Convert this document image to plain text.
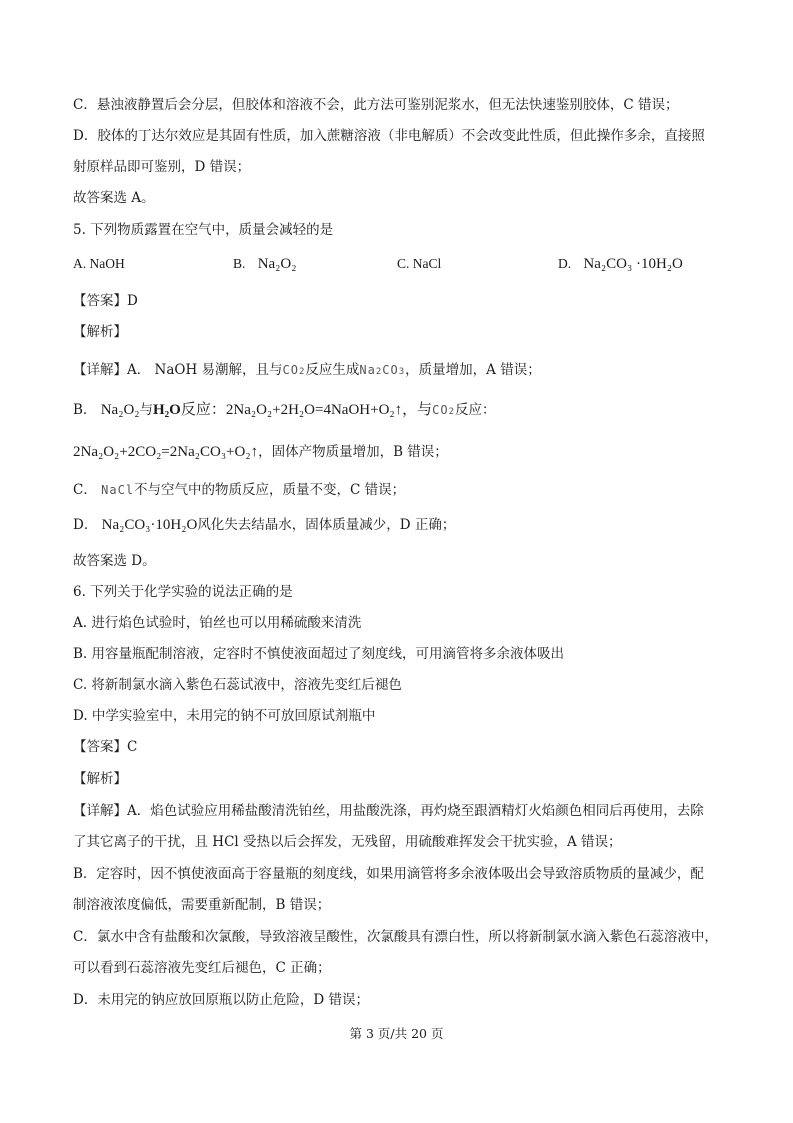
C．悬浊液静置后会分层，但胶体和溶液不会，此方法可鉴别泥浆水，但无法快速鉴别胶体，C 错误；
D．胶体的丁达尔效应是其固有性质，加入蔗糖溶液（非电解质）不会改变此性质，但此操作多余，直接照
射原样品即可鉴别，D 错误；
故答案选 A。
5. 下列物质露置在空气中，质量会减轻的是
A. NaOH	B. Na₂O₂	C. NaCl	D. Na₂CO₃ ·10H₂O
【答案】D
【解析】
【详解】A． NaOH 易潮解，且与CO2反应生成Na2CO3，质量增加，A 错误；
B． Na₂O₂与H₂O反应：2Na₂O₂+2H₂O=4NaOH+O₂↑，与CO2反应：
2Na₂O₂+2CO₂=2Na₂CO₃+O₂↑，固体产物质量增加，B 错误；
C． NaCl不与空气中的物质反应，质量不变，C 错误；
D． Na₂CO₃·10H₂O风化失去结晶水，固体质量减少，D 正确；
故答案选 D。
6. 下列关于化学实验的说法正确的是
A. 进行焰色试验时，铂丝也可以用稀硫酸来清洗
B. 用容量瓶配制溶液，定容时不慎使液面超过了刻度线，可用滴管将多余液体吸出
C. 将新制氯水滴入紫色石蕊试液中，溶液先变红后褪色
D. 中学实验室中，未用完的钠不可放回原试剂瓶中
【答案】C
【解析】
【详解】A．焰色试验应用稀盐酸清洗铂丝，用盐酸洗涤，再灼烧至跟酒精灯火焰颜色相同后再使用，去除
了其它离子的干扰，且 HCl 受热以后会挥发，无残留，用硫酸难挥发会干扰实验，A 错误；
B．定容时，因不慎使液面高于容量瓶的刻度线，如果用滴管将多余液体吸出会导致溶质物质的量减少，配
制溶液浓度偏低，需要重新配制，B 错误；
C．氯水中含有盐酸和次氯酸，导致溶液呈酸性，次氯酸具有漂白性，所以将新制氯水滴入紫色石蕊溶液中，
可以看到石蕊溶液先变红后褪色，C 正确；
D．未用完的钠应放回原瓶以防止危险，D 错误；
第 3 页/共 20 页
